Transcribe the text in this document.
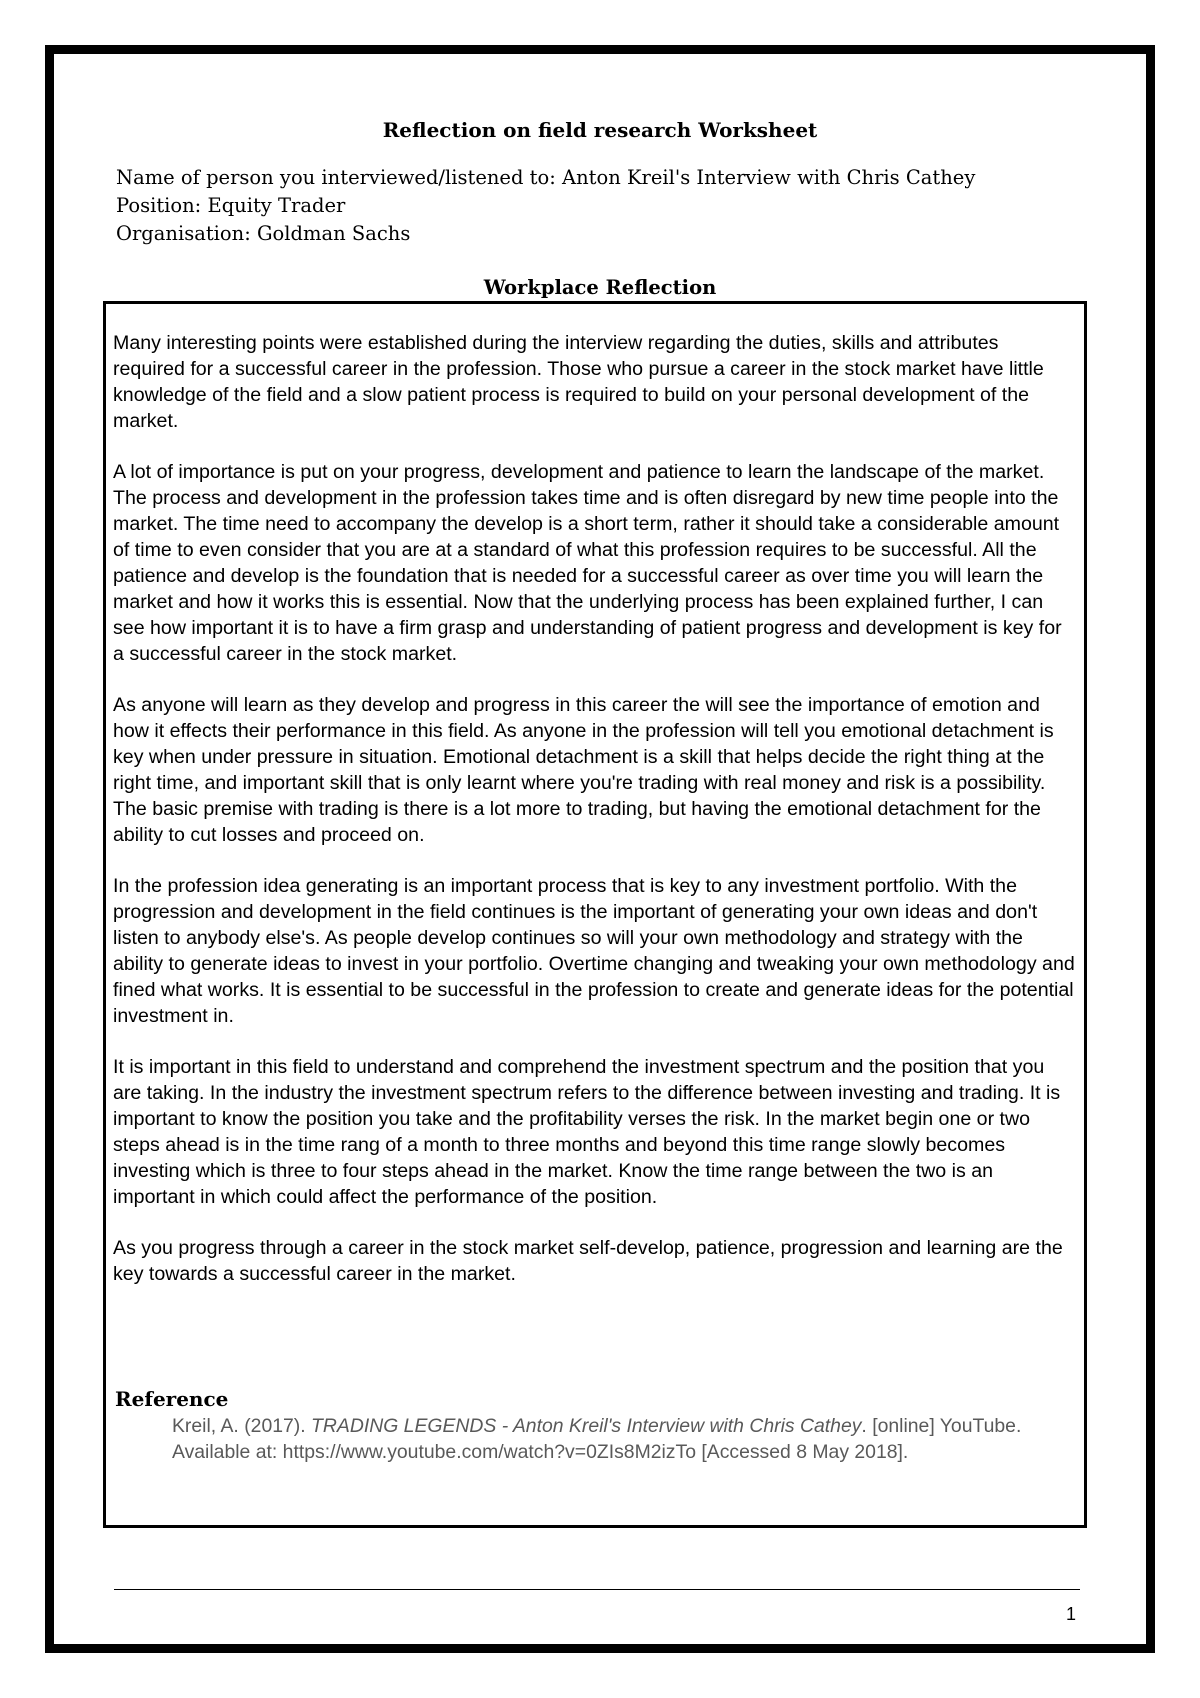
Reflection on field research Worksheet
Name of person you interviewed/listened to: Anton Kreil's Interview with Chris Cathey
Position: Equity Trader
Organisation: Goldman Sachs
Workplace Reflection

Many interesting points were established during the interview regarding the duties, skills and attributes required for a successful career in the profession. Those who pursue a career in the stock market have little knowledge of the field and a slow patient process is required to build on your personal development of the market.

A lot of importance is put on your progress, development and patience to learn the landscape of the market. The process and development in the profession takes time and is often disregard by new time people into the market. The time need to accompany the develop is a short term, rather it should take a considerable amount of time to even consider that you are at a standard of what this profession requires to be successful. All the patience and develop is the foundation that is needed for a successful career as over time you will learn the market and how it works this is essential. Now that the underlying process has been explained further, I can see how important it is to have a firm grasp and understanding of patient progress and development is key for a successful career in the stock market.

As anyone will learn as they develop and progress in this career the will see the importance of emotion and how it effects their performance in this field. As anyone in the profession will tell you emotional detachment is key when under pressure in situation. Emotional detachment is a skill that helps decide the right thing at the right time, and important skill that is only learnt where you're trading with real money and risk is a possibility. The basic premise with trading is there is a lot more to trading, but having the emotional detachment for the ability to cut losses and proceed on.

In the profession idea generating is an important process that is key to any investment portfolio. With the progression and development in the field continues is the important of generating your own ideas and don't listen to anybody else's. As people develop continues so will your own methodology and strategy with the ability to generate ideas to invest in your portfolio. Overtime changing and tweaking your own methodology and fined what works. It is essential to be successful in the profession to create and generate ideas for the potential investment in.

It is important in this field to understand and comprehend the investment spectrum and the position that you are taking. In the industry the investment spectrum refers to the difference between investing and trading. It is important to know the position you take and the profitability verses the risk. In the market begin one or two steps ahead is in the time rang of a month to three months and beyond this time range slowly becomes investing which is three to four steps ahead in the market. Know the time range between the two is an important in which could affect the performance of the position.

As you progress through a career in the stock market self-develop, patience, progression and learning are the key towards a successful career in the market.

Reference
Kreil, A. (2017). TRADING LEGENDS - Anton Kreil's Interview with Chris Cathey. [online] YouTube. Available at: https://www.youtube.com/watch?v=0ZIs8M2izTo [Accessed 8 May 2018].
1
